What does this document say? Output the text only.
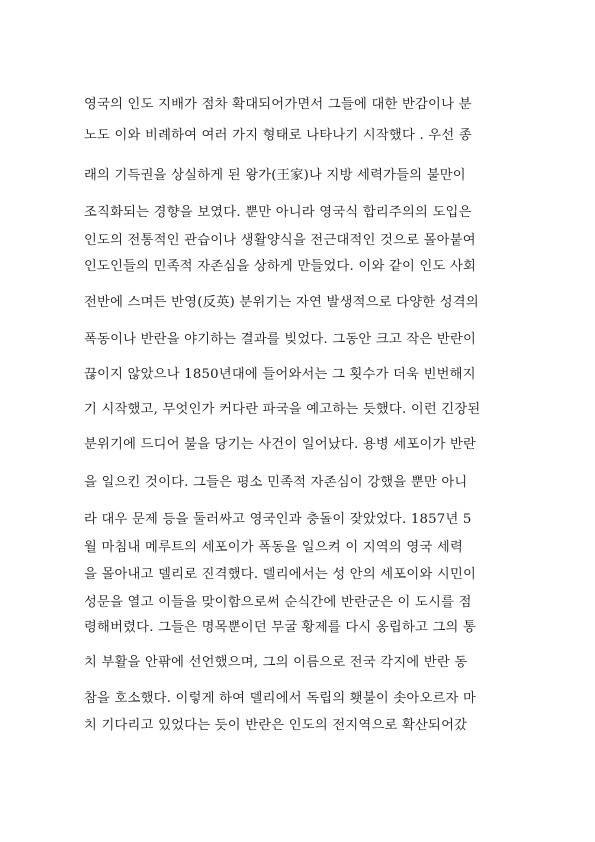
영국의 인도 지배가 점차 확대되어가면서 그들에 대한 반감이나 분
노도 이와 비례하여 여러 가지 형태로 나타나기 시작했다 . 우선 종
래의 기득권을 상실하게 된 왕가(王家)나 지방 세력가들의 불만이
조직화되는 경향을 보였다. 뿐만 아니라 영국식 합리주의의 도입은
인도의 전통적인 관습이나 생활양식을 전근대적인 것으로 몰아붙여
인도인들의 민족적 자존심을 상하게 만들었다. 이와 같이 인도 사회
전반에 스며든 반영(反英) 분위기는 자연 발생적으로 다양한 성격의
폭동이나 반란을 야기하는 결과를 빚었다. 그동안 크고 작은 반란이
끊이지 않았으나 1850년대에 들어와서는 그 횟수가 더욱 빈번해지
기 시작했고, 무엇인가 커다란 파국을 예고하는 듯했다. 이런 긴장된
분위기에 드디어 불을 당기는 사건이 일어났다. 용병 세포이가 반란
을 일으킨 것이다. 그들은 평소 민족적 자존심이 강했을 뿐만 아니
라 대우 문제 등을 둘러싸고 영국인과 충돌이 잦았었다. 1857년 5
월 마침내 메루트의 세포이가 폭동을 일으켜 이 지역의 영국 세력
을 몰아내고 델리로 진격했다. 델리에서는 성 안의 세포이와 시민이
성문을 열고 이들을 맞이함으로써 순식간에 반란군은 이 도시를 점
령해버렸다. 그들은 명목뿐이던 무굴 황제를 다시 옹립하고 그의 통
치 부활을 안팎에 선언했으며, 그의 이름으로 전국 각지에 반란 동
참을 호소했다. 이렇게 하여 델리에서 독립의 횃불이 솟아오르자 마
치 기다리고 있었다는 듯이 반란은 인도의 전지역으로 확산되어갔
